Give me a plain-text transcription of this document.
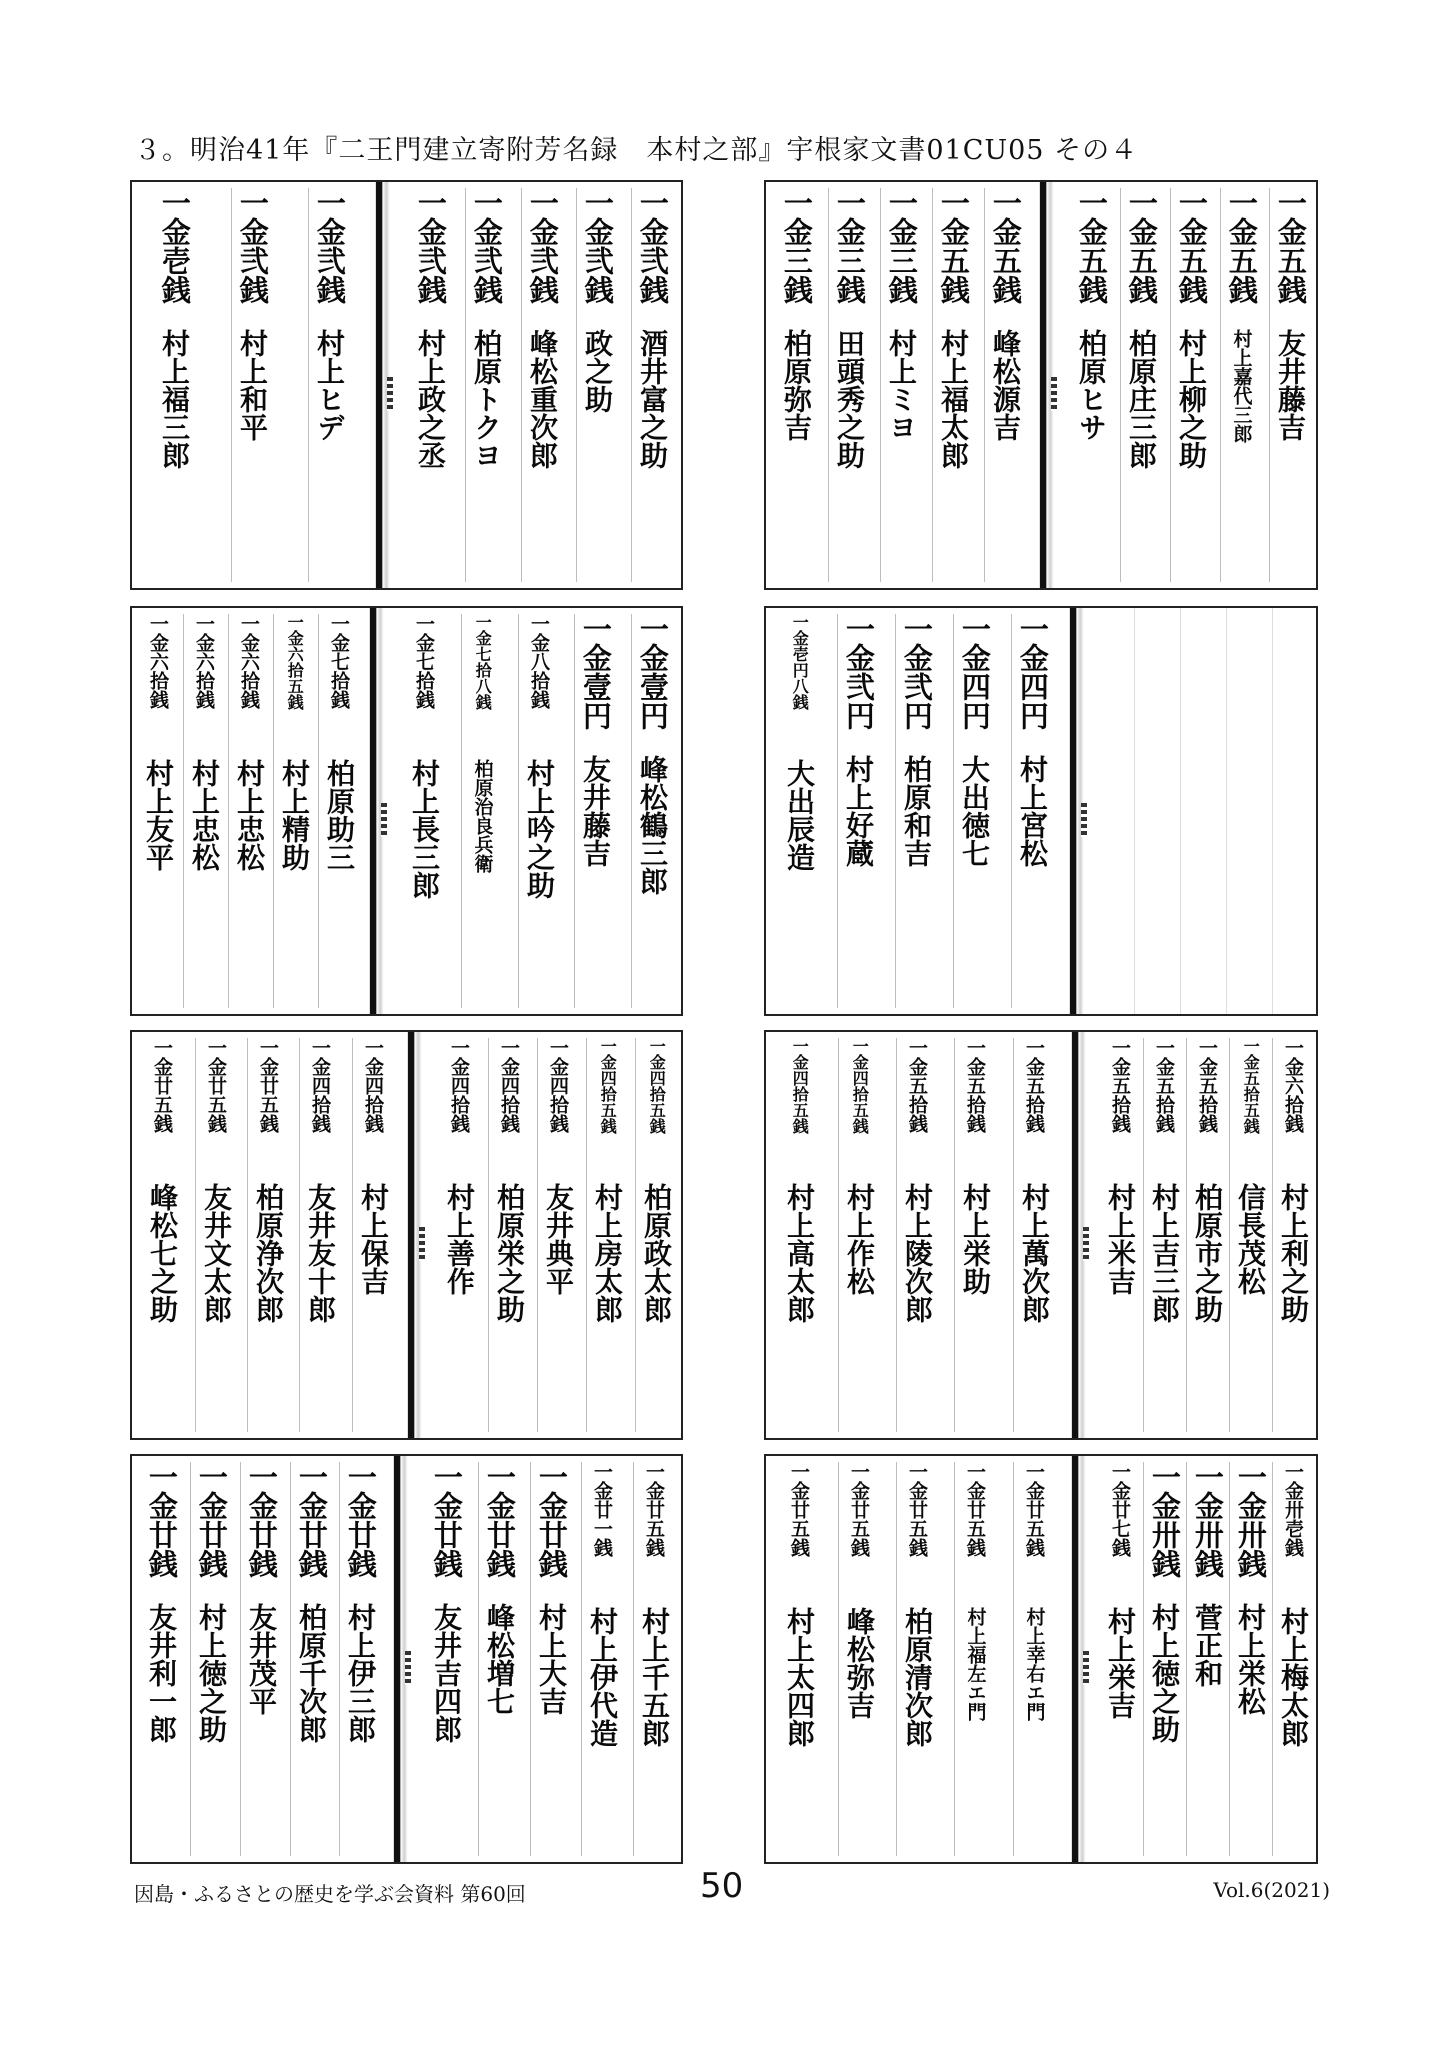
３。明治41年『二王門建立寄附芳名録　本村之部』宇根家文書01CU05 その４
一金壱銭
村上福三郎
一金弐銭
村上和平
一金弐銭
村上ヒデ
一金弐銭
村上政之丞
一金弐銭
柏原トクヨ
一金弐銭
峰松重次郎
一金弐銭
政之助
一金弐銭
酒井富之助
一金三銭
柏原弥吉
一金三銭
田頭秀之助
一金三銭
村上ミヨ
一金五銭
村上福太郎
一金五銭
峰松源吉
一金五銭
柏原ヒサ
一金五銭
柏原庄三郎
一金五銭
村上柳之助
一金五銭
村上嘉代三郎
一金五銭
友井藤吉
一金六拾銭
村上友平
一金六拾銭
村上忠松
一金六拾銭
村上忠松
一金六拾五銭
村上精助
一金七拾銭
柏原助三
一金七拾銭
村上長三郎
一金七拾八銭
柏原治良兵衛
一金八拾銭
村上吟之助
一金壹円
友井藤吉
一金壹円
峰松鶴三郎
一金壱円八銭
大出辰造
一金弐円
村上好蔵
一金弐円
柏原和吉
一金四円
大出徳七
一金四円
村上宮松
一金廿五銭
峰松七之助
一金廿五銭
友井文太郎
一金廿五銭
柏原浄次郎
一金四拾銭
友井友十郎
一金四拾銭
村上保吉
一金四拾銭
村上善作
一金四拾銭
柏原栄之助
一金四拾銭
友井典平
一金四拾五銭
村上房太郎
一金四拾五銭
柏原政太郎
一金四拾五銭
村上高太郎
一金四拾五銭
村上作松
一金五拾銭
村上陵次郎
一金五拾銭
村上栄助
一金五拾銭
村上萬次郎
一金五拾銭
村上米吉
一金五拾銭
村上吉三郎
一金五拾銭
柏原市之助
一金五拾五銭
信長茂松
一金六拾銭
村上利之助
一金廿銭
友井利一郎
一金廿銭
村上徳之助
一金廿銭
友井茂平
一金廿銭
柏原千次郎
一金廿銭
村上伊三郎
一金廿銭
友井吉四郎
一金廿銭
峰松増七
一金廿銭
村上大吉
一金廿一銭
村上伊代造
一金廿五銭
村上千五郎
一金廿五銭
村上太四郎
一金廿五銭
峰松弥吉
一金廿五銭
柏原清次郎
一金廿五銭
村上福左エ門
一金廿五銭
村上幸右エ門
一金廿七銭
村上栄吉
一金卅銭
村上徳之助
一金卅銭
菅正和
一金卅銭
村上栄松
一金卅壱銭
村上梅太郎
因島・ふるさとの歴史を学ぶ会資料 第60回	50	Vol.6(2021)
